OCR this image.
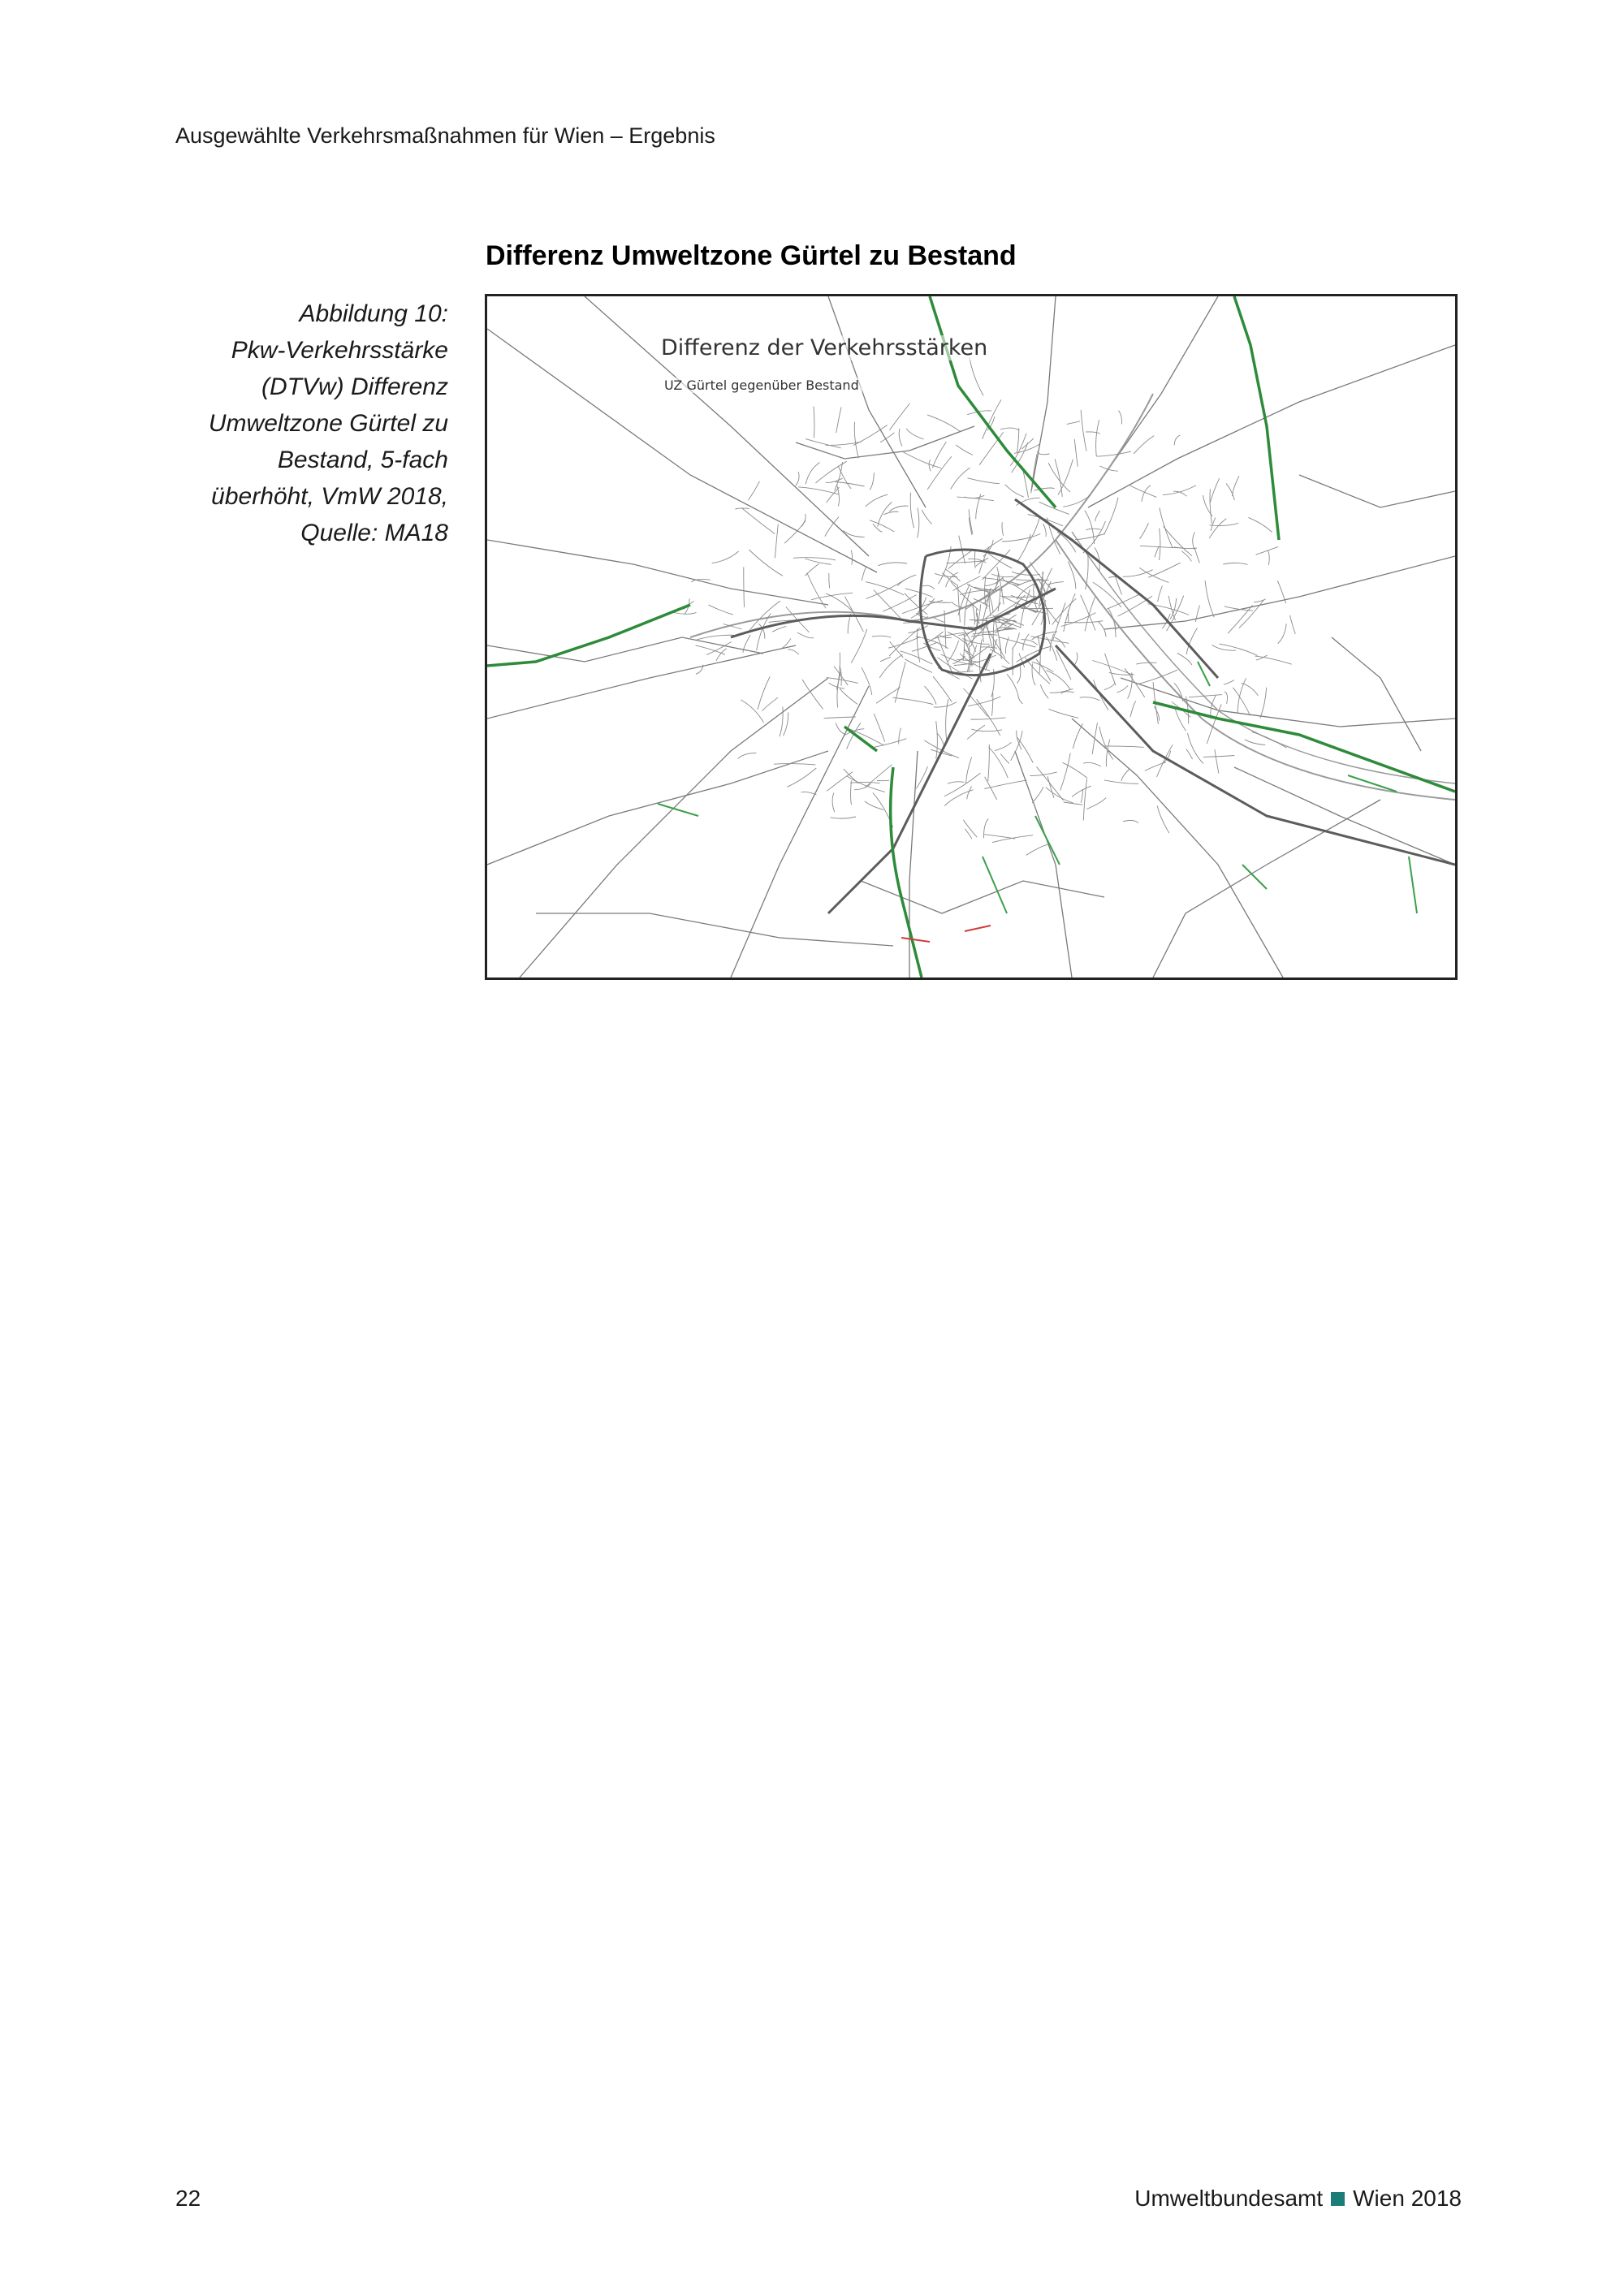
Ausgewählte Verkehrsmaßnahmen für Wien – Ergebnis
Differenz Umweltzone Gürtel zu Bestand
Abbildung 10:
Pkw-Verkehrsstärke
(DTVw) Differenz
Umweltzone Gürtel zu
Bestand, 5-fach
überhöht, VmW 2018,
Quelle: MA18
Differenz der Verkehrsstärken
UZ Gürtel gegenüber Bestand
22	Umweltbundesamt Wien 2018
